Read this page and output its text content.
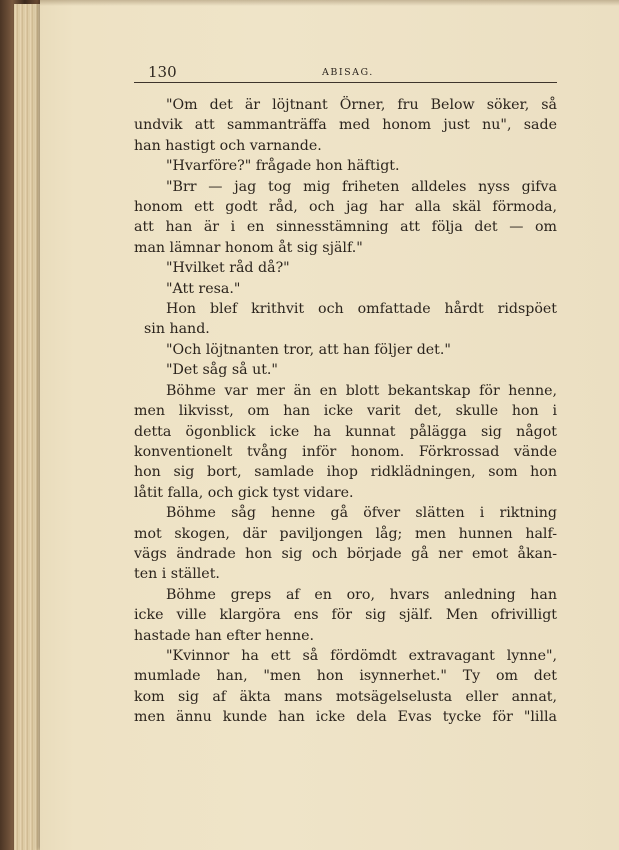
130	ABISAG.
"Om det är löjtnant Örner, fru Below söker, så
undvik att sammanträffa med honom just nu", sade
han hastigt och varnande.
"Hvarföre?" frågade hon häftigt.
"Brr — jag tog mig friheten alldeles nyss gifva
honom ett godt råd, och jag har alla skäl förmoda,
att han är i en sinnesstämning att följa det — om
man lämnar honom åt sig själf."
"Hvilket råd då?"
"Att resa."
Hon blef krithvit och omfattade hårdt ridspöet
sin hand.
"Och löjtnanten tror, att han följer det."
"Det såg så ut."
Böhme var mer än en blott bekantskap för henne,
men likvisst, om han icke varit det, skulle hon i
detta ögonblick icke ha kunnat pålägga sig något
konventionelt tvång inför honom. Förkrossad vände
hon sig bort, samlade ihop ridklädningen, som hon
låtit falla, och gick tyst vidare.
Böhme såg henne gå öfver slätten i riktning
mot skogen, där paviljongen låg; men hunnen half-
vägs ändrade hon sig och började gå ner emot åkan-
ten i stället.
Böhme greps af en oro, hvars anledning han
icke ville klargöra ens för sig själf. Men ofrivilligt
hastade han efter henne.
"Kvinnor ha ett så fördömdt extravagant lynne",
mumlade han, "men hon isynnerhet." Ty om det
kom sig af äkta mans motsägelselusta eller annat,
men ännu kunde han icke dela Evas tycke för "lilla
